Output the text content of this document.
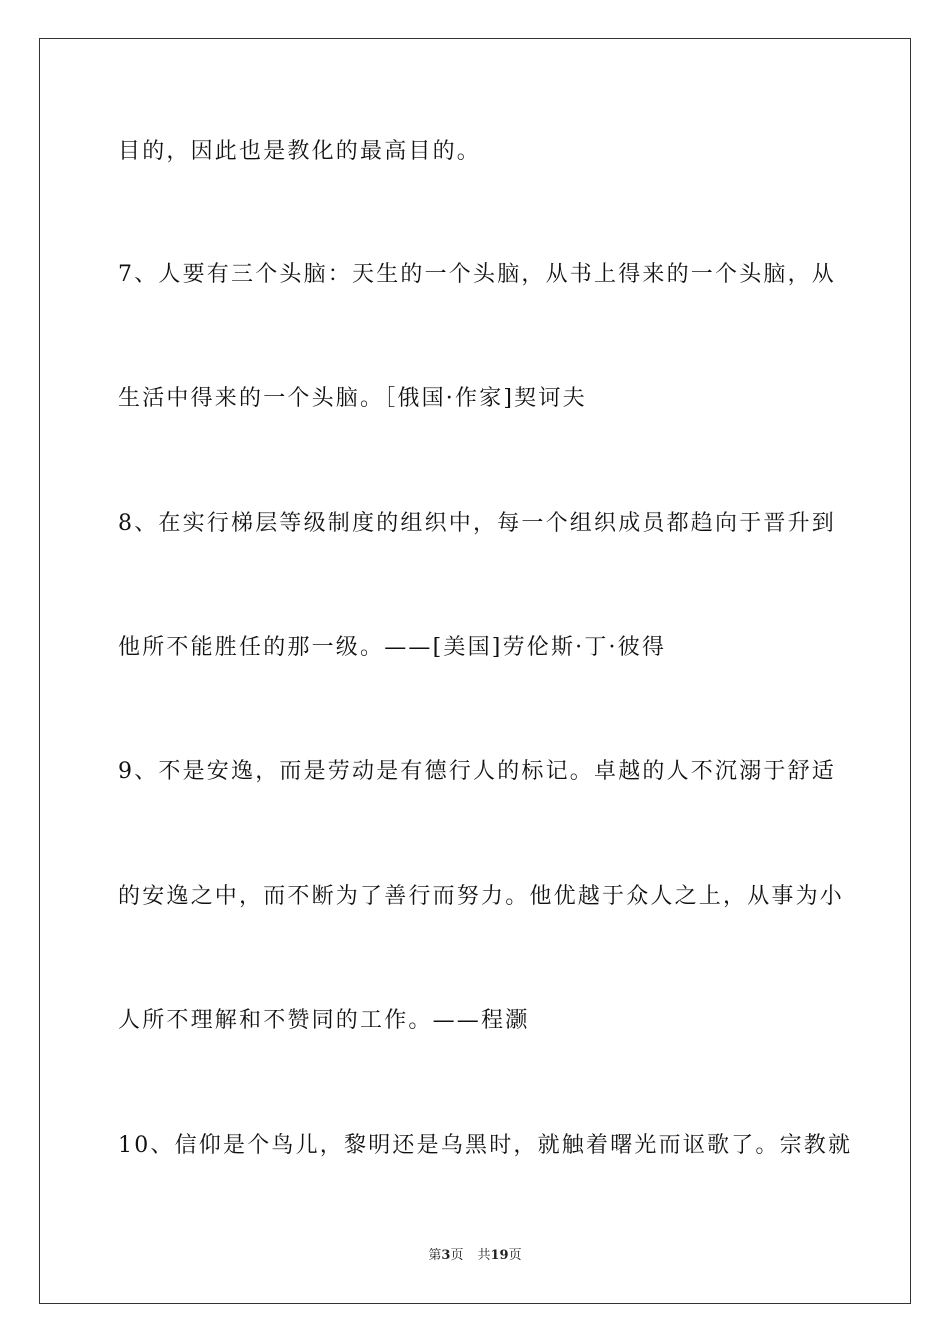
目的，因此也是教化的最高目的。
7、人要有三个头脑：天生的一个头脑，从书上得来的一个头脑，从
生活中得来的一个头脑。［俄国·作家]契诃夫
8、在实行梯层等级制度的组织中，每一个组织成员都趋向于晋升到
他所不能胜任的那一级。——[美国]劳伦斯·丁·彼得
9、不是安逸，而是劳动是有德行人的标记。卓越的人不沉溺于舒适
的安逸之中，而不断为了善行而努力。他优越于众人之上，从事为小
人所不理解和不赞同的工作。——程灏
10、信仰是个鸟儿，黎明还是乌黑时，就触着曙光而讴歌了。宗教就
第3页 共19页
